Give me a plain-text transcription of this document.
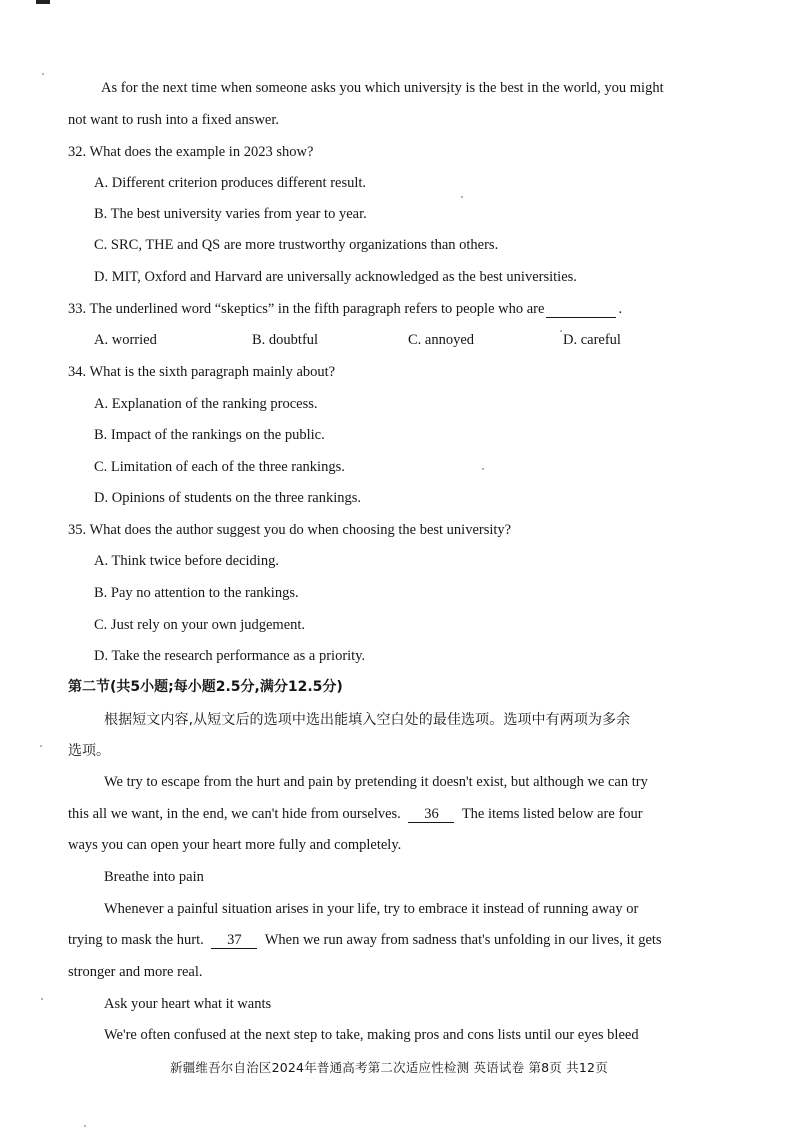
As for the next time when someone asks you which university is the best in the world, you might
not want to rush into a fixed answer.
32. What does the example in 2023 show?
A. Different criterion produces different result.
B. The best university varies from year to year.
C. SRC, THE and QS are more trustworthy organizations than others.
D. MIT, Oxford and Harvard are universally acknowledged as the best universities.
33. The underlined word “skeptics” in the fifth paragraph refers to people who are	.
A. worried	B. doubtful	C. annoyed	D. careful
34. What is the sixth paragraph mainly about?
A. Explanation of the ranking process.
B. Impact of the rankings on the public.
C. Limitation of each of the three rankings.
D. Opinions of students on the three rankings.
35. What does the author suggest you do when choosing the best university?
A. Think twice before deciding.
B. Pay no attention to the rankings.
C. Just rely on your own judgement.
D. Take the research performance as a priority.
第二节(共5小题;每小题2.5分,满分12.5分)
根据短文内容,从短文后的选项中选出能填入空白处的最佳选项。选项中有两项为多余
选项。
We try to escape from the hurt and pain by pretending it doesn't exist, but although we can try
this all we want, in the end, we can't hide from ourselves. 36 The items listed below are four
ways you can open your heart more fully and completely.
Breathe into pain
Whenever a painful situation arises in your life, try to embrace it instead of running away or
trying to mask the hurt. 37 When we run away from sadness that's unfolding in our lives, it gets
stronger and more real.
Ask your heart what it wants
We're often confused at the next step to take, making pros and cons lists until our eyes bleed
新疆维吾尔自治区2024年普通高考第二次适应性检测 英语试卷 第8页 共12页
